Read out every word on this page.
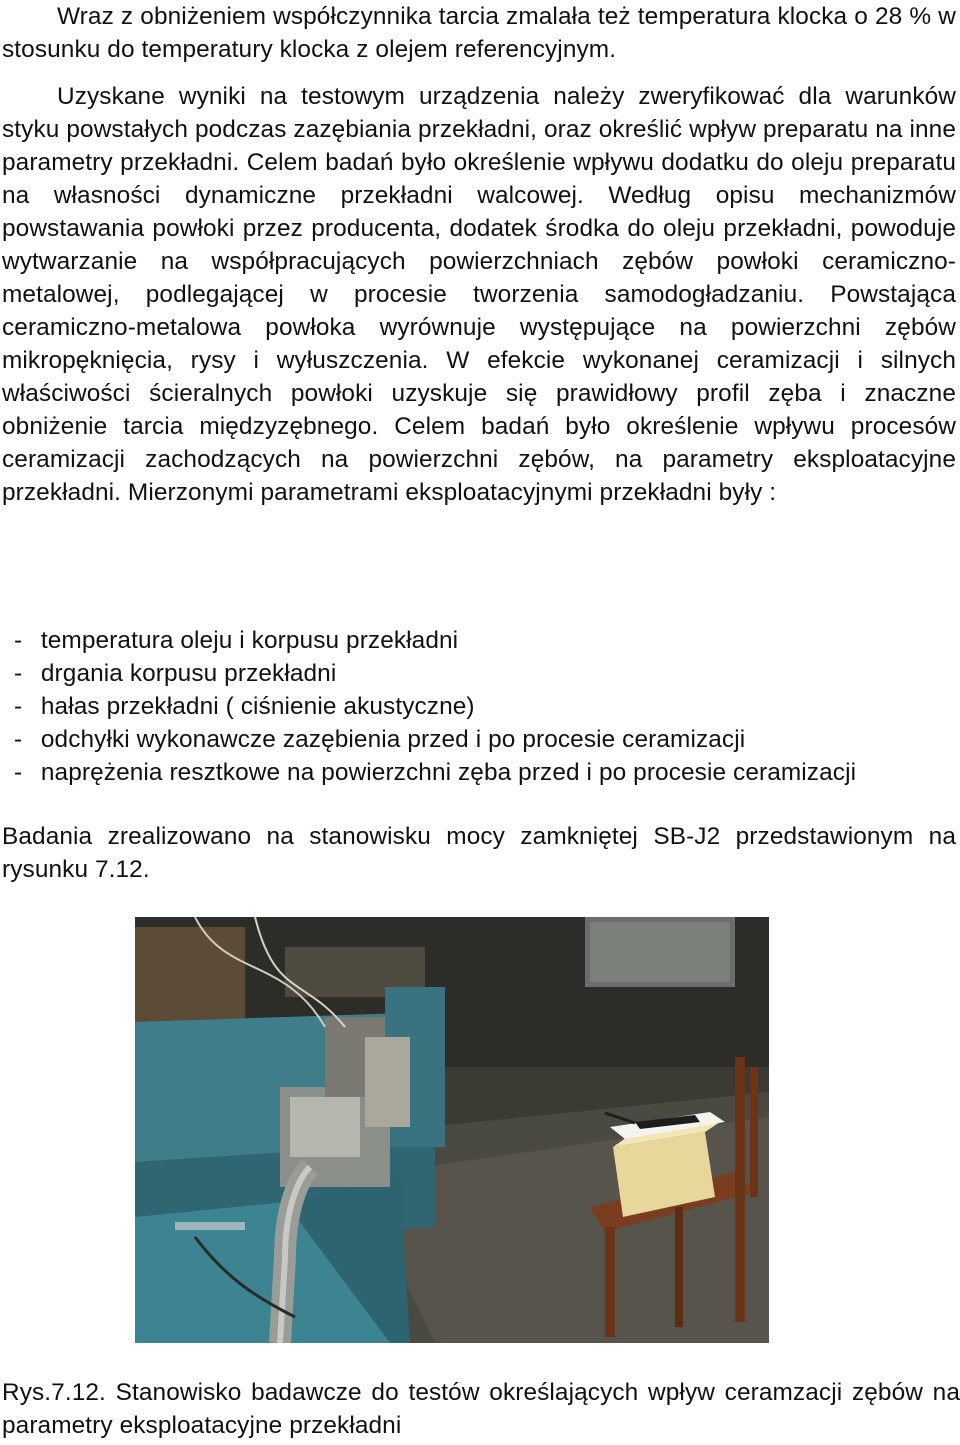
Wraz z obniżeniem współczynnika tarcia zmalała też temperatura klocka o 28 % w stosunku do temperatury klocka z olejem referencyjnym.

Uzyskane wyniki na testowym urządzenia należy zweryfikować dla warunków styku powstałych podczas zazębiania przekładni, oraz określić wpływ preparatu na inne parametry przekładni. Celem badań było określenie wpływu dodatku do oleju preparatu na własności dynamiczne przekładni walcowej. Według opisu mechanizmów powstawania powłoki przez producenta, dodatek środka do oleju przekładni, powoduje wytwarzanie na współpracujących powierzchniach zębów powłoki ceramiczno-metalowej, podlegającej w procesie tworzenia samodogładzaniu. Powstająca ceramiczno-metalowa powłoka wyrównuje występujące na powierzchni zębów mikropęknięcia, rysy i wyłuszczenia. W efekcie wykonanej ceramizacji i silnych właściwości ścieralnych powłoki uzyskuje się prawidłowy profil zęba i znaczne obniżenie tarcia międzyzębnego. Celem badań było określenie wpływu procesów ceramizacji zachodzących na powierzchni zębów, na parametry eksploatacyjne przekładni. Mierzonymi parametrami eksploatacyjnymi przekładni były :

- temperatura oleju i korpusu przekładni

- drgania korpusu przekładni

- hałas przekładni ( ciśnienie akustyczne)

- odchyłki wykonawcze zazębienia przed i po procesie ceramizacji

- naprężenia resztkowe na powierzchni zęba przed i po procesie ceramizacji

Badania zrealizowano na stanowisku mocy zamkniętej SB-J2 przedstawionym na rysunku 7.12.

Rys.7.12. Stanowisko badawcze do testów określających wpływ ceramzacji zębów na parametry eksploatacyjne przekładni
